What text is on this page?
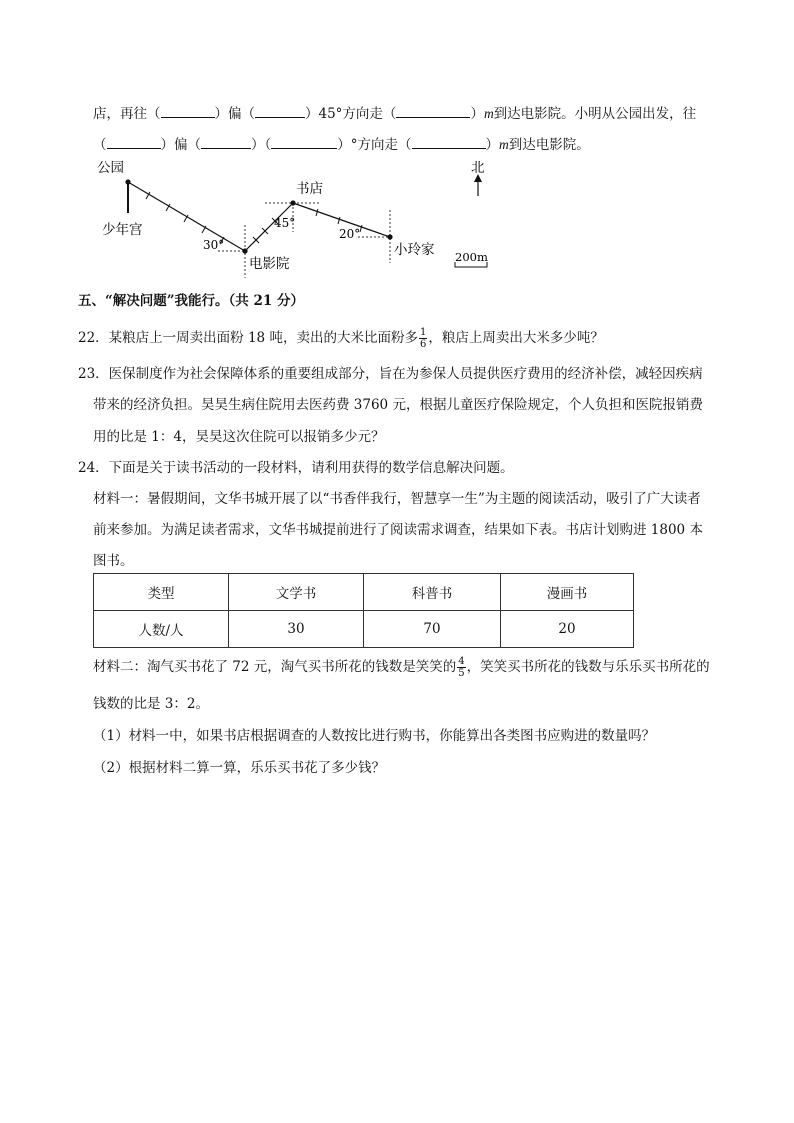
店，再往（	）偏（	）45°方向走（	）m到达电影院。小明从公园出发，往
（	）偏（	）（	）°方向走（	）m到达电影院。
公园
少年宫
书店
电影院
小玲家
30°
45°
20°
北
200m
五、“解决问题”我能行。（共 21 分）
22．某粮店上一周卖出面粉 18 吨，卖出的大米比面粉多 $\frac{1}{6}$ ，粮店上周卖出大米多少吨？
23．医保制度作为社会保障体系的重要组成部分，旨在为参保人员提供医疗费用的经济补偿，减轻因疾病
带来的经济负担。昊昊生病住院用去医药费 3760 元，根据儿童医疗保险规定，个人负担和医院报销费
用的比是 1：4，昊昊这次住院可以报销多少元？
24．下面是关于读书活动的一段材料，请利用获得的数学信息解决问题。
材料一：暑假期间，文华书城开展了以“书香伴我行，智慧享一生”为主题的阅读活动，吸引了广大读者
前来参加。为满足读者需求，文华书城提前进行了阅读需求调查，结果如下表。书店计划购进 1800 本
图书。
类型	文学书	科普书	漫画书
人数/人	30	70	20
材料二：淘气买书花了 72 元，淘气买书所花的钱数是笑笑的 $\frac{4}{5}$ ，笑笑买书所花的钱数与乐乐买书所花的
钱数的比是 3：2。
（1）材料一中，如果书店根据调查的人数按比进行购书，你能算出各类图书应购进的数量吗？
（2）根据材料二算一算，乐乐买书花了多少钱？
